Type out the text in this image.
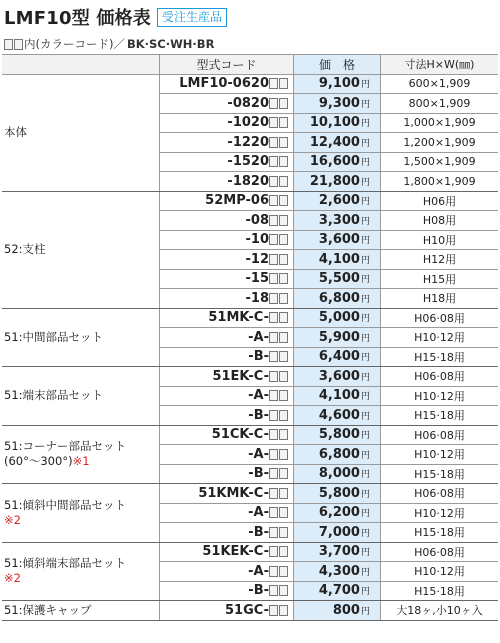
LMF10型 価格表 受注生産品
内(カラーコード)／ BK·SC·WH·BR
	型式コード	価　格	寸法H×W(㎜)
本体	LMF10-0620	9,100円	600×1,909
	-0820	9,300円	800×1,909
	-1020	10,100円	1,000×1,909
	-1220	12,400円	1,200×1,909
	-1520	16,600円	1,500×1,909
	-1820	21,800円	1,800×1,909
52:支柱	52MP-06	2,600円	H06用
	-08	3,300円	H08用
	-10	3,600円	H10用
	-12	4,100円	H12用
	-15	5,500円	H15用
	-18	6,800円	H18用
51:中間部品セット	51MK-C-	5,000円	H06·08用
	-A-	5,900円	H10·12用
	-B-	6,400円	H15·18用
51:端末部品セット	51EK-C-	3,600円	H06·08用
	-A-	4,100円	H10·12用
	-B-	4,600円	H15·18用
51:コーナー部品セット
(60°～300°)※1	51CK-C-	5,800円	H06·08用
	-A-	6,800円	H10·12用
	-B-	8,000円	H15·18用
51:傾斜中間部品セット
※2	51KMK-C-	5,800円	H06·08用
	-A-	6,200円	H10·12用
	-B-	7,000円	H15·18用
51:傾斜端末部品セット
※2	51KEK-C-	3,700円	H06·08用
	-A-	4,300円	H10·12用
	-B-	4,700円	H15·18用
51:保護キャップ	51GC-	800円	大18ヶ,小10ヶ入
